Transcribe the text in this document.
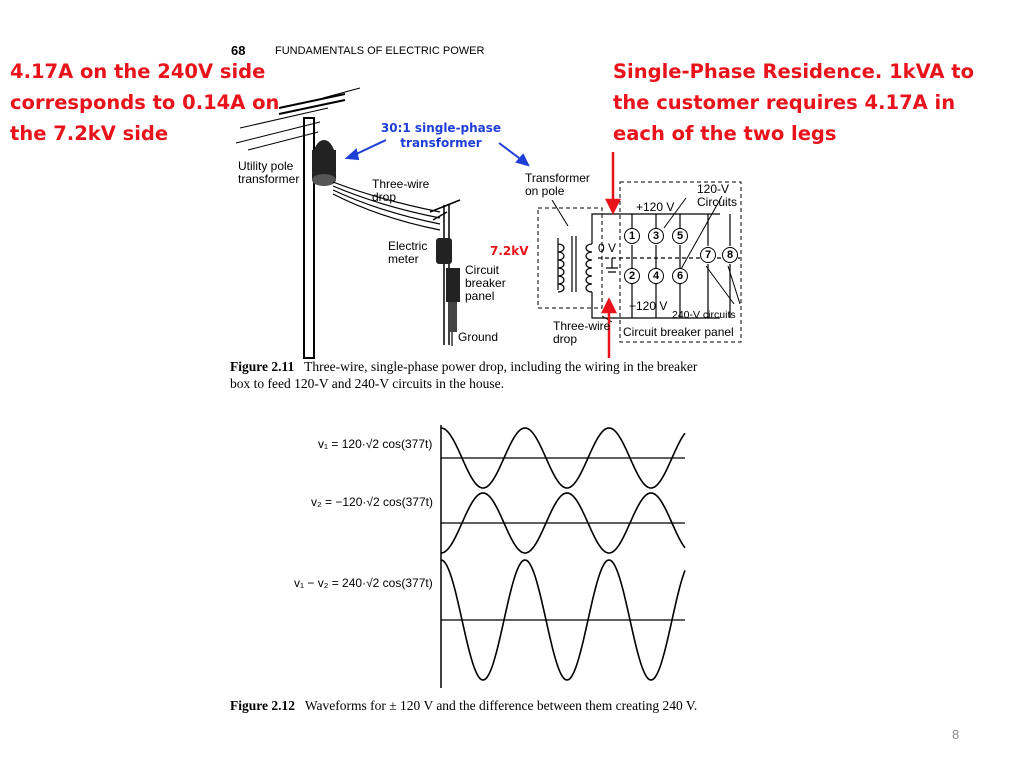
68	FUNDAMENTALS OF ELECTRIC POWER
4.17A on the 240V side
corresponds to 0.14A on
the 7.2kV side
Single-Phase Residence. 1kVA to
the customer requires 4.17A in
each of the two legs
30:1 single-phase
transformer
7.2kV
Utility pole
transformer	Three-wire
drop
Electric
meter
Circuit
breaker
panel
Ground
Transformer
on pole
+120 V
120-V
Circuits
0 V
−120 V
240-V circuits
Three-wire
drop	Circuit breaker panel
1
2
3
4
5
6
7	8
Figure 2.11 Three-wire, single-phase power drop, including the wiring in the breaker
box to feed 120-V and 240-V circuits in the house.
v₁ = 120·√2 cos(377t)
v₂ = −120·√2 cos(377t)
v₁ − v₂ = 240·√2 cos(377t)
Figure 2.12 Waveforms for ± 120 V and the difference between them creating 240 V.
8
